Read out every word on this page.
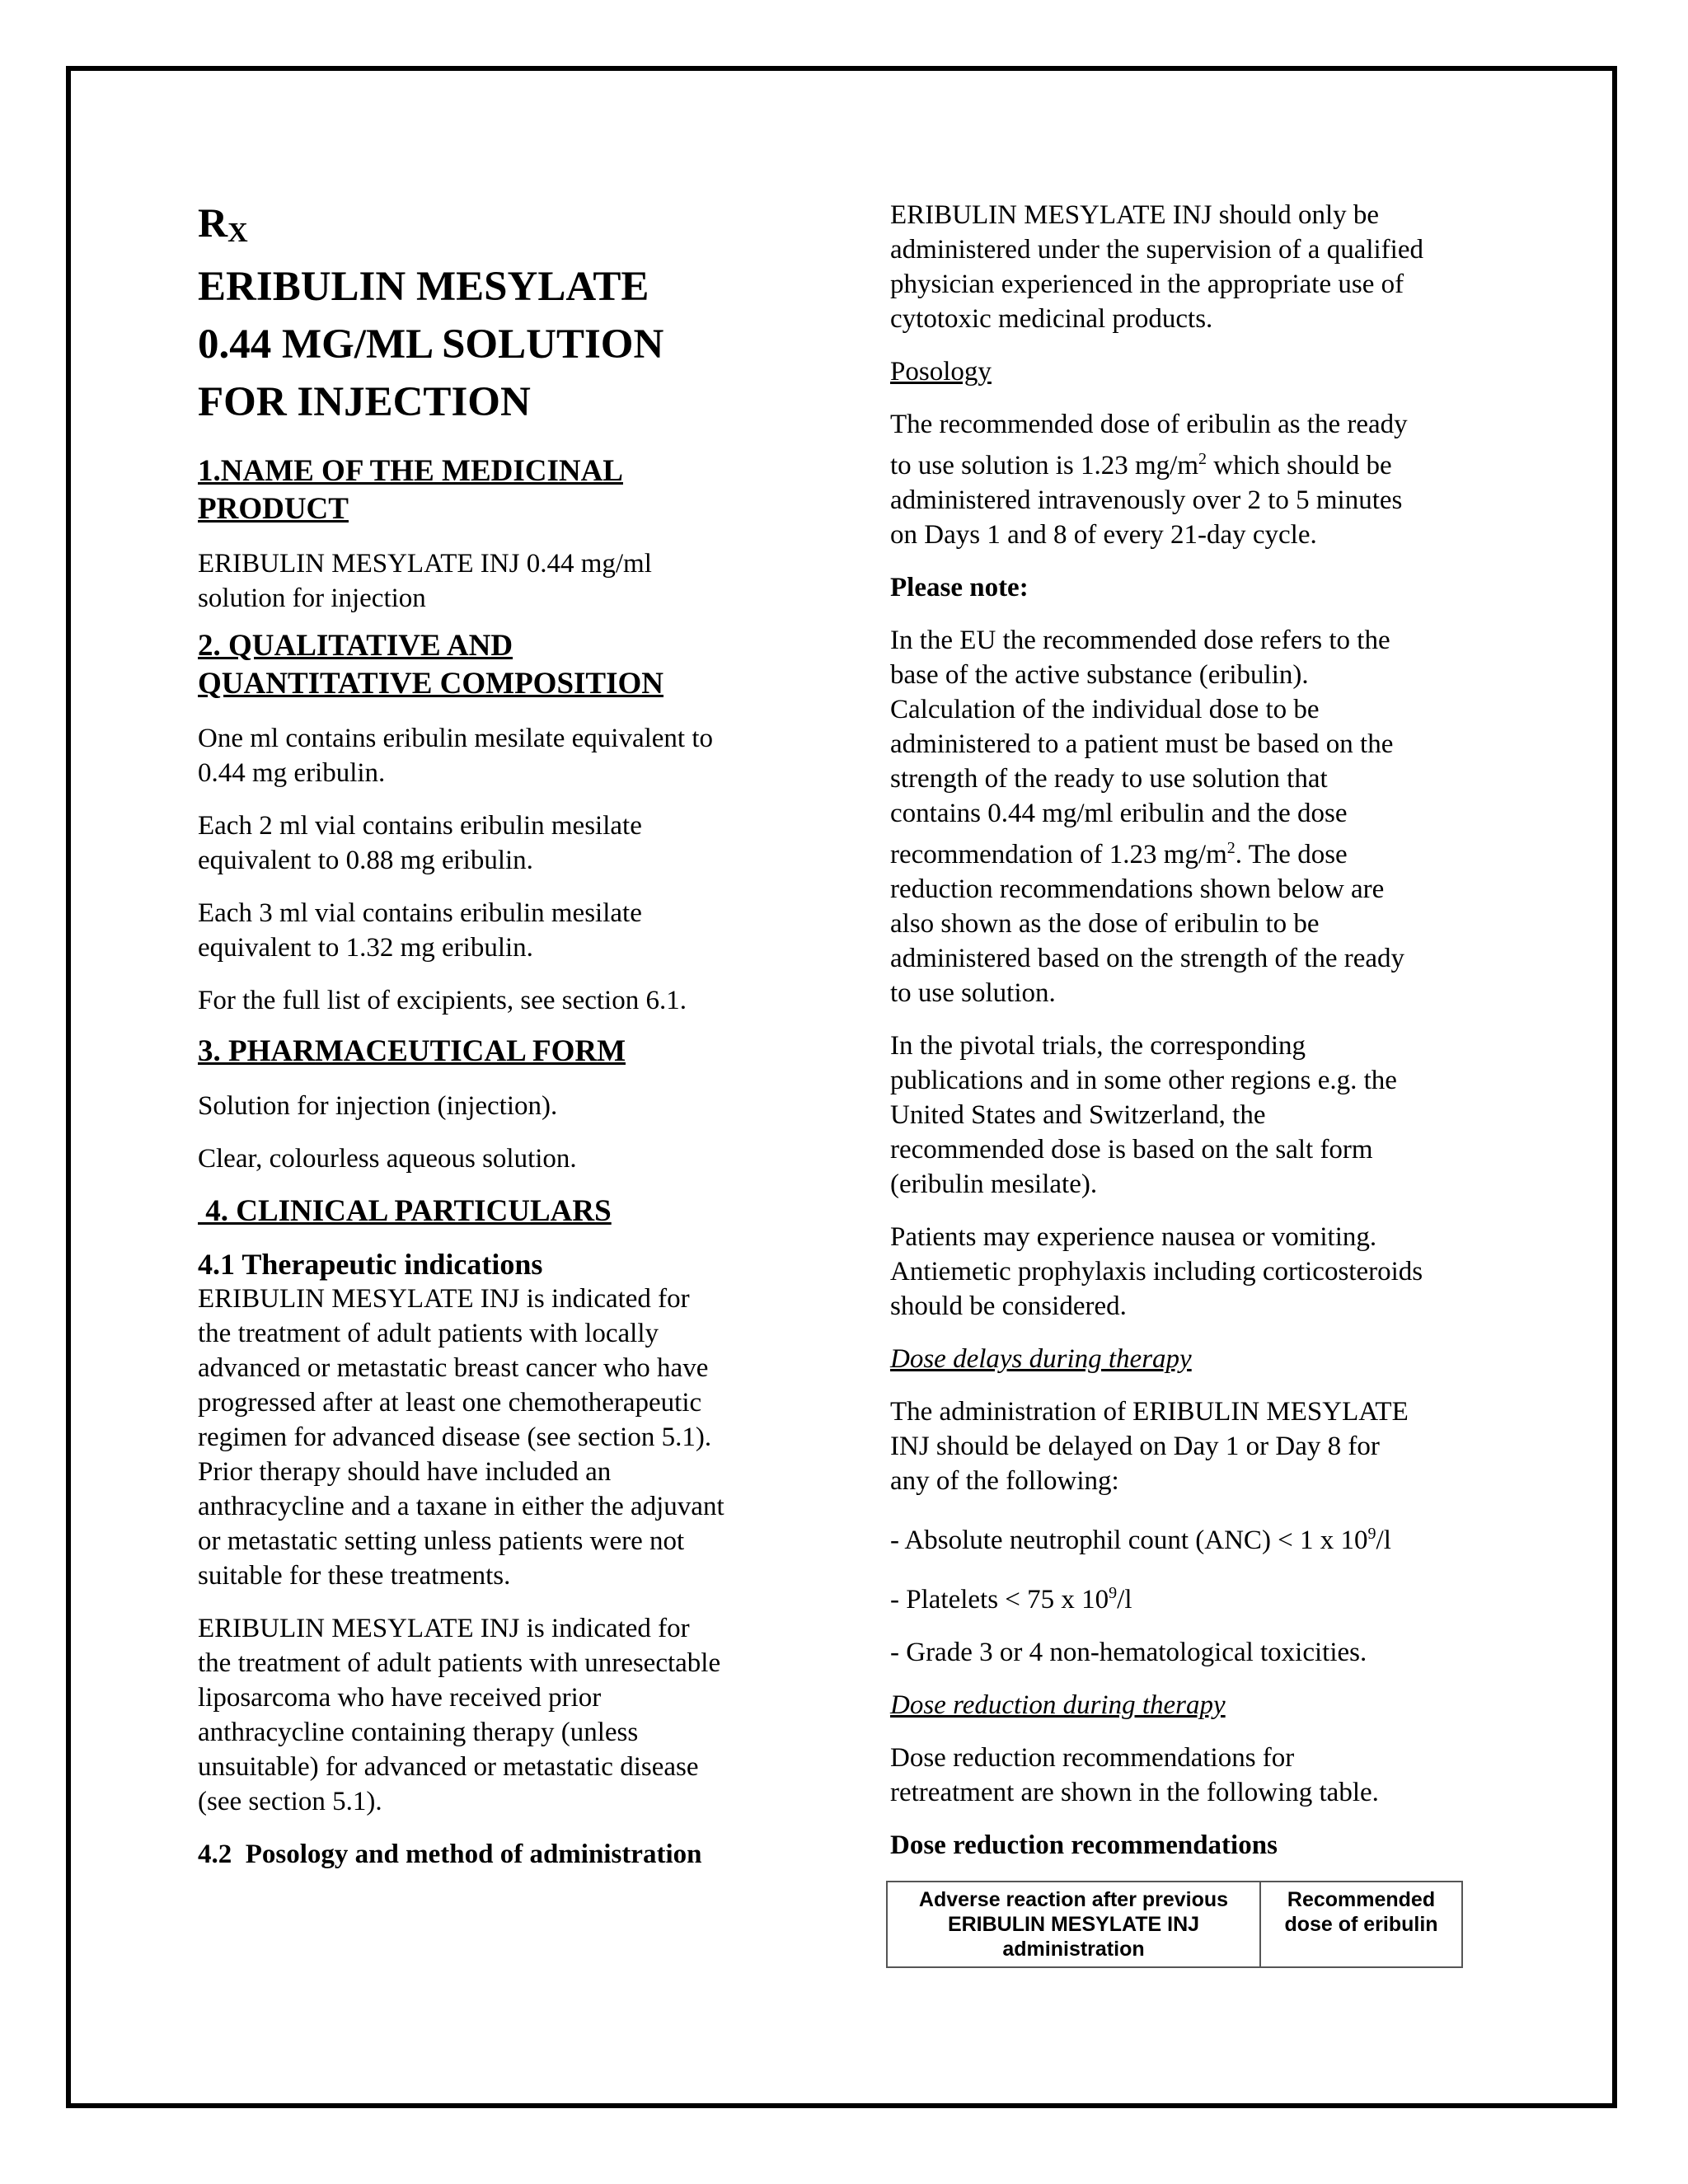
$R_X$
ERIBULIN MESYLATE
0.44 MG/ML SOLUTION
FOR INJECTION
1.NAME OF THE MEDICINAL
PRODUCT

ERIBULIN MESYLATE INJ 0.44 mg/ml
solution for injection

2. QUALITATIVE AND
QUANTITATIVE COMPOSITION

One ml contains eribulin mesilate equivalent to
0.44 mg eribulin.

Each 2 ml vial contains eribulin mesilate
equivalent to 0.88 mg eribulin.

Each 3 ml vial contains eribulin mesilate
equivalent to 1.32 mg eribulin.

For the full list of excipients, see section 6.1.

3. PHARMACEUTICAL FORM

Solution for injection (injection).

Clear, colourless aqueous solution.

4. CLINICAL PARTICULARS
4.1 Therapeutic indications

ERIBULIN MESYLATE INJ is indicated for
the treatment of adult patients with locally
advanced or metastatic breast cancer who have
progressed after at least one chemotherapeutic
regimen for advanced disease (see section 5.1).
Prior therapy should have included an
anthracycline and a taxane in either the adjuvant
or metastatic setting unless patients were not
suitable for these treatments.

ERIBULIN MESYLATE INJ is indicated for
the treatment of adult patients with unresectable
liposarcoma who have received prior
anthracycline containing therapy (unless
unsuitable) for advanced or metastatic disease
(see section 5.1).

4.2  Posology and method of administration

ERIBULIN MESYLATE INJ should only be
administered under the supervision of a qualified
physician experienced in the appropriate use of
cytotoxic medicinal products.

Posology

The recommended dose of eribulin as the ready
to use solution is 1.23 $mg/m^2$ which should be
administered intravenously over 2 to 5 minutes
on Days 1 and 8 of every 21-day cycle.

Please note:

In the EU the recommended dose refers to the
base of the active substance (eribulin).
Calculation of the individual dose to be
administered to a patient must be based on the
strength of the ready to use solution that
contains 0.44 mg/ml eribulin and the dose
recommendation of 1.23 $mg/m^2$. The dose
reduction recommendations shown below are
also shown as the dose of eribulin to be
administered based on the strength of the ready
to use solution.

In the pivotal trials, the corresponding
publications and in some other regions e.g. the
United States and Switzerland, the
recommended dose is based on the salt form
(eribulin mesilate).

Patients may experience nausea or vomiting.
Antiemetic prophylaxis including corticosteroids
should be considered.

Dose delays during therapy

The administration of ERIBULIN MESYLATE
INJ should be delayed on Day 1 or Day 8 for
any of the following:

- Absolute neutrophil count (ANC) < 1 x $10^9/l$

- Platelets < 75 x $10^9/l$

- Grade 3 or 4 non-hematological toxicities.

Dose reduction during therapy

Dose reduction recommendations for
retreatment are shown in the following table.

Dose reduction recommendations

Adverse reaction after previous
ERIBULIN MESYLATE INJ
administration
Recommended
dose of eribulin
